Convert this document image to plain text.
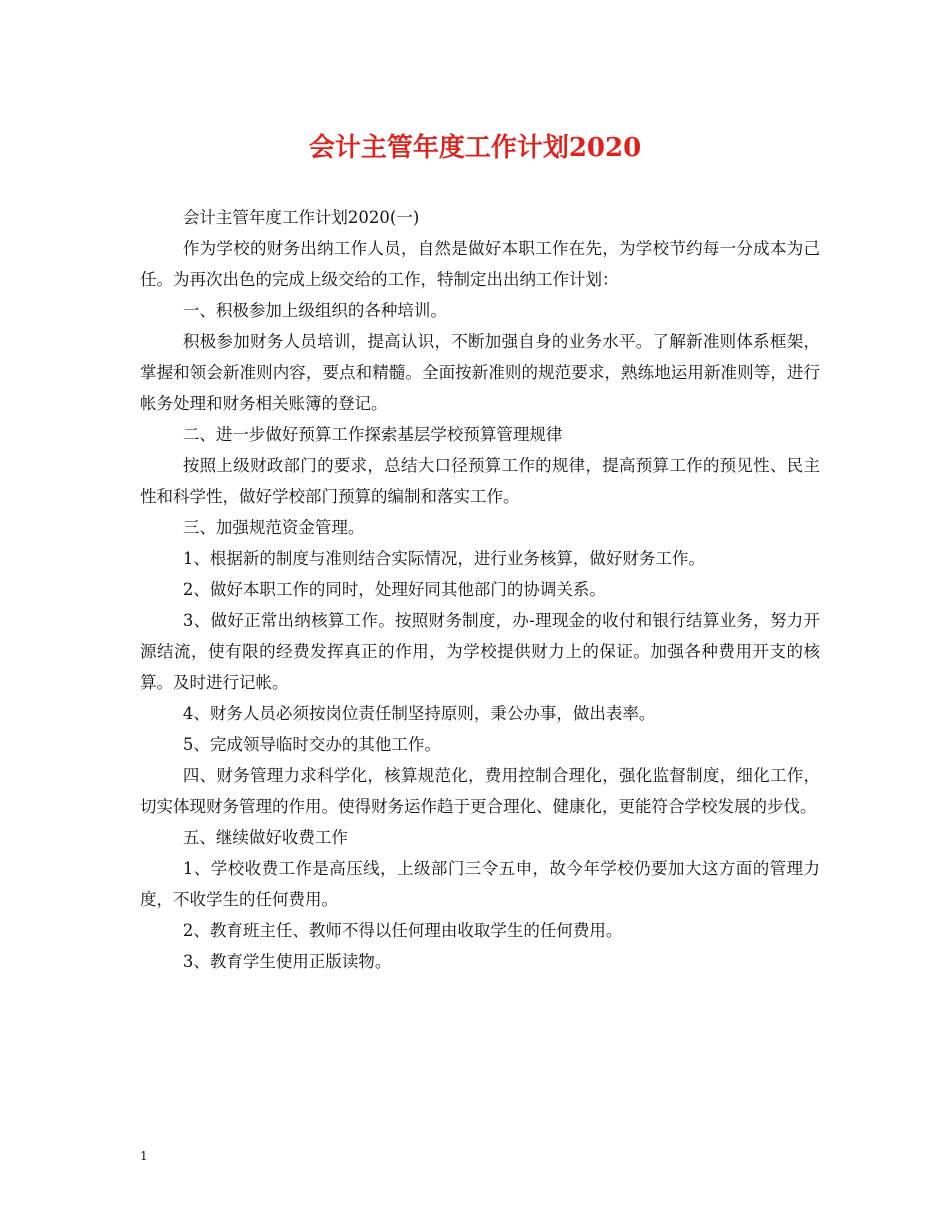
会计主管年度工作计划2020

会计主管年度工作计划2020(一)

作为学校的财务出纳工作人员，自然是做好本职工作在先，为学校节约每一分成本为己任。为再次出色的完成上级交给的工作，特制定出出纳工作计划：

一、积极参加上级组织的各种培训。

积极参加财务人员培训，提高认识，不断加强自身的业务水平。了解新准则体系框架，掌握和领会新准则内容，要点和精髓。全面按新准则的规范要求，熟练地运用新准则等，进行帐务处理和财务相关账簿的登记。

二、进一步做好预算工作探索基层学校预算管理规律

按照上级财政部门的要求，总结大口径预算工作的规律，提高预算工作的预见性、民主性和科学性，做好学校部门预算的编制和落实工作。

三、加强规范资金管理。

1、根据新的制度与准则结合实际情况，进行业务核算，做好财务工作。

2、做好本职工作的同时，处理好同其他部门的协调关系。

3、做好正常出纳核算工作。按照财务制度，办-理现金的收付和银行结算业务，努力开源结流，使有限的经费发挥真正的作用，为学校提供财力上的保证。加强各种费用开支的核算。及时进行记帐。

4、财务人员必须按岗位责任制坚持原则，秉公办事，做出表率。

5、完成领导临时交办的其他工作。

四、财务管理力求科学化，核算规范化，费用控制合理化，强化监督制度，细化工作，切实体现财务管理的作用。使得财务运作趋于更合理化、健康化，更能符合学校发展的步伐。

五、继续做好收费工作

1、学校收费工作是高压线，上级部门三令五申，故今年学校仍要加大这方面的管理力度，不收学生的任何费用。

2、教育班主任、教师不得以任何理由收取学生的任何费用。

3、教育学生使用正版读物。

1
